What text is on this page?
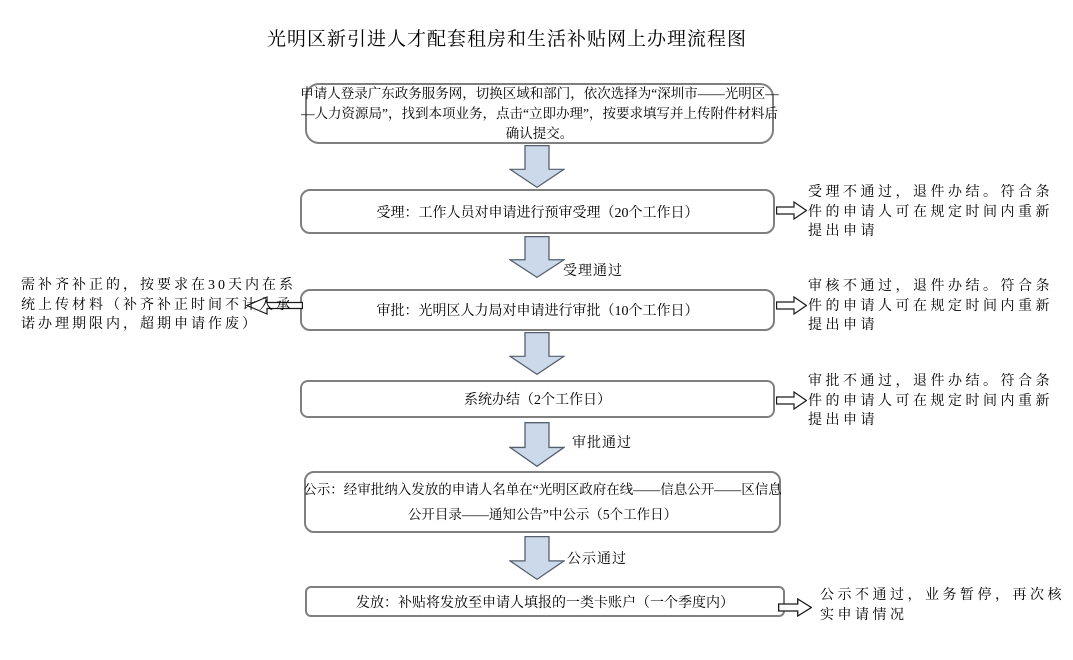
光明区新引进人才配套租房和生活补贴网上办理流程图
申请人登录广东政务服务网，切换区域和部门，依次选择为“深圳市——光明区—
—人力资源局”，找到本项业务，点击“立即办理”，按要求填写并上传附件材料后
确认提交。
受理：工作人员对申请进行预审受理（20个工作日）
受理不通过，退件办结。符合条
件的申请人可在规定时间内重新
提出申请
受理通过
审批：光明区人力局对申请进行审批（10个工作日）
需补齐补正的，按要求在30天内在系
统上传材料（补齐补正时间不计入承
诺办理期限内，超期申请作废）
审核不通过，退件办结。符合条
件的申请人可在规定时间内重新
提出申请
系统办结（2个工作日）
审批不通过，退件办结。符合条
件的申请人可在规定时间内重新
提出申请
审批通过
公示：经审批纳入发放的申请人名单在“光明区政府在线——信息公开——区信息
公开目录——通知公告”中公示（5个工作日）
公示通过
发放：补贴将发放至申请人填报的一类卡账户（一个季度内）	公示不通过，业务暂停，再次核
实申请情况
